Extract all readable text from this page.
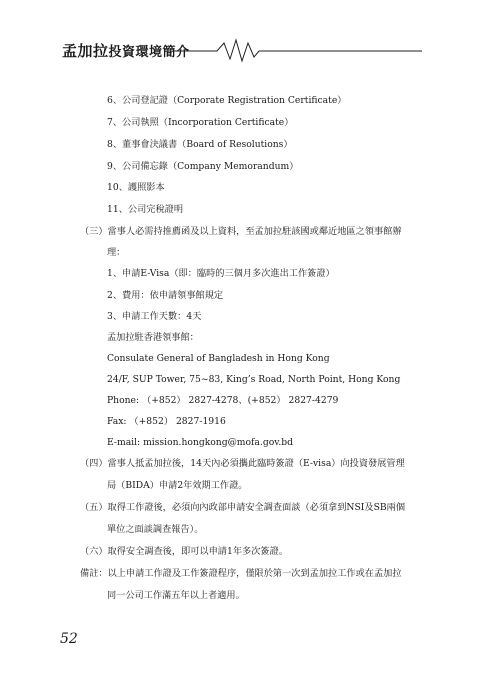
孟加拉投資環境簡介
6、公司登記證（Corporate Registration Certificate）
7、公司執照（Incorporation Certificate）
8、董事會決議書（Board of Resolutions）
9、公司備忘錄（Company Memorandum）
10、護照影本
11、公司完稅證明
（三）當事人必需持推薦函及以上資料，至孟加拉駐該國或鄰近地區之領事館辦
理：
1、申請E-Visa（即：臨時的三個月多次進出工作簽證）
2、費用：依申請領事館規定
3、申請工作天數：4天
孟加拉駐香港領事館：
Consulate General of Bangladesh in Hong Kong
24/F, SUP Tower, 75~83, King’s Road, North Point, Hong Kong
Phone: （+852） 2827-4278、(+852） 2827-4279
Fax: （+852） 2827-1916
E-mail: mission.hongkong@mofa.gov.bd
（四）當事人抵孟加拉後，14天內必須攜此臨時簽證（E-visa）向投資發展管理
局（BIDA）申請2年效期工作證。
（五）取得工作證後，必須向內政部申請安全調查面談（必須拿到NSI及SB兩個
單位之面談調查報告）。
（六）取得安全調查後，即可以申請1年多次簽證。
備註：以上申請工作證及工作簽證程序，僅限於第一次到孟加拉工作或在孟加拉
同一公司工作滿五年以上者適用。
52
